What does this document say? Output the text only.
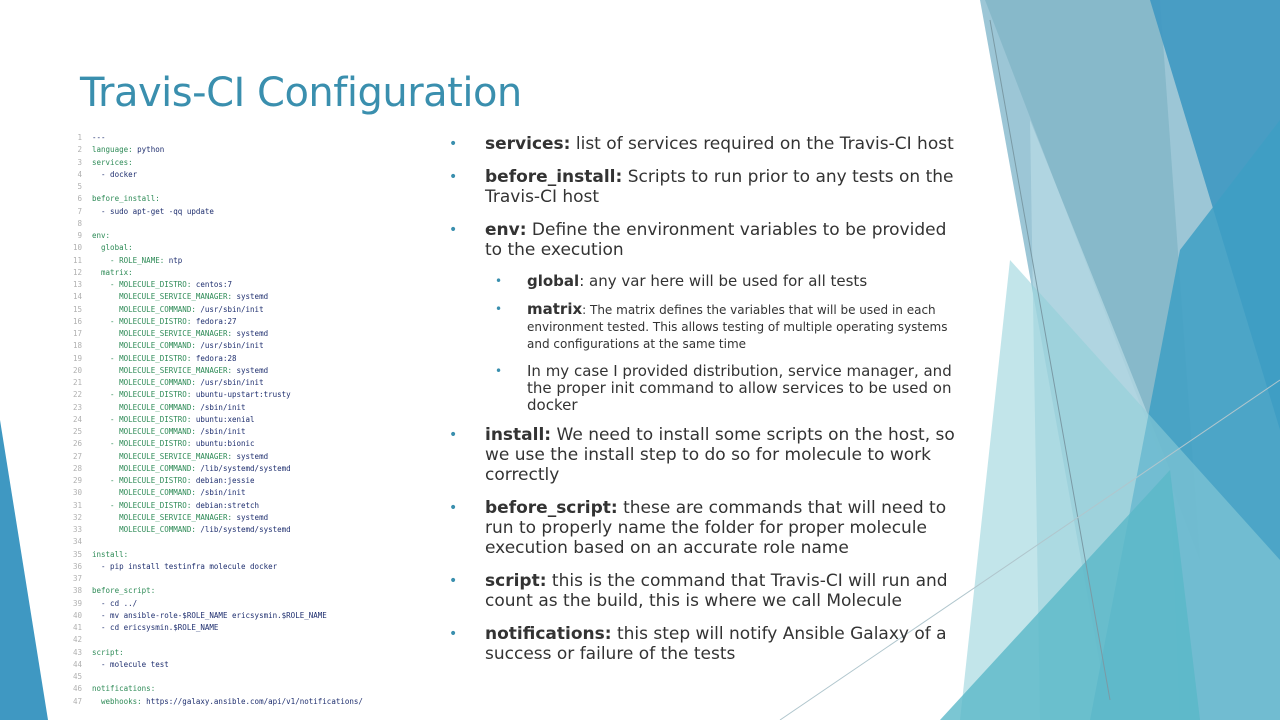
Travis-CI Configuration
1	---
2	language: python
3	services:
4	- docker
5
6	before_install:
7	- sudo apt-get -qq update
8
9	env:
10	global:
11	- ROLE_NAME: ntp
12	matrix:
13	- MOLECULE_DISTRO: centos:7
14	MOLECULE_SERVICE_MANAGER: systemd
15	MOLECULE_COMMAND: /usr/sbin/init
16	- MOLECULE_DISTRO: fedora:27
17	MOLECULE_SERVICE_MANAGER: systemd
18	MOLECULE_COMMAND: /usr/sbin/init
19	- MOLECULE_DISTRO: fedora:28
20	MOLECULE_SERVICE_MANAGER: systemd
21	MOLECULE_COMMAND: /usr/sbin/init
22	- MOLECULE_DISTRO: ubuntu-upstart:trusty
23	MOLECULE_COMMAND: /sbin/init
24	- MOLECULE_DISTRO: ubuntu:xenial
25	MOLECULE_COMMAND: /sbin/init
26	- MOLECULE_DISTRO: ubuntu:bionic
27	MOLECULE_SERVICE_MANAGER: systemd
28	MOLECULE_COMMAND: /lib/systemd/systemd
29	- MOLECULE_DISTRO: debian:jessie
30	MOLECULE_COMMAND: /sbin/init
31	- MOLECULE_DISTRO: debian:stretch
32	MOLECULE_SERVICE_MANAGER: systemd
33	MOLECULE_COMMAND: /lib/systemd/systemd
34
35	install:
36	- pip install testinfra molecule docker
37
38	before_script:
39	- cd ../
40	- mv ansible-role-$ROLE_NAME ericsysmin.$ROLE_NAME
41	- cd ericsysmin.$ROLE_NAME
42
43	script:
44	- molecule test
45
46	notifications:
47	webhooks: https://galaxy.ansible.com/api/v1/notifications/
• services: list of services required on the Travis-CI host
• before_install: Scripts to run prior to any tests on the Travis-CI host
• env: Define the environment variables to be provided to the execution
• global: any var here will be used for all tests
• matrix: The matrix defines the variables that will be used in each environment tested. This allows testing of multiple operating systems and configurations at the same time
• In my case I provided distribution, service manager, and the proper init command to allow services to be used on docker
• install: We need to install some scripts on the host, so we use the install step to do so for molecule to work correctly
• before_script: these are commands that will need to run to properly name the folder for proper molecule execution based on an accurate role name
• script: this is the command that Travis-CI will run and count as the build, this is where we call Molecule
• notifications: this step will notify Ansible Galaxy of a success or failure of the tests
